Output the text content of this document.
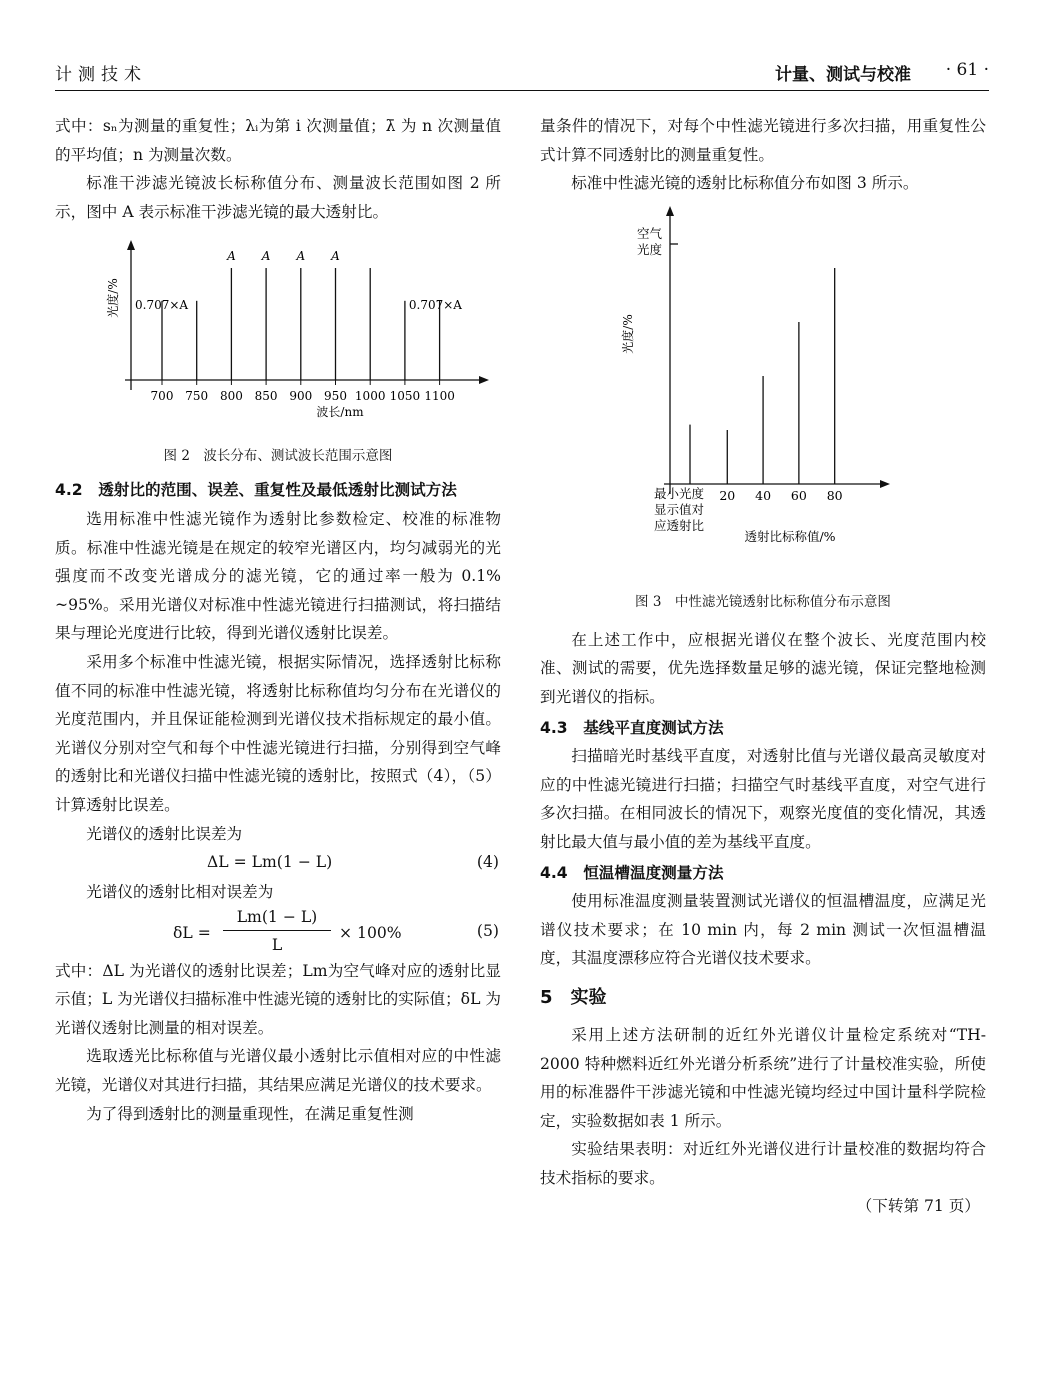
计测技术	计量、测试与校准 · 61 ·

式中：sₙ为测量的重复性；λᵢ为第 i 次测量值；λ̄ 为 n 次测量值的平均值；n 为测量次数。

标准干涉滤光镜波长标称值分布、测量波长范围如图 2 所示，图中 A 表示标准干涉滤光镜的最大透射比。

光度/%
波长/nm
700 750 800 850 900 950 1000 1050 1100
0.707×A
A A A A
0.707×A
图 2　波长分布、测试波长范围示意图
4.2　透射比的范围、误差、重复性及最低透射比测试方法

选用标准中性滤光镜作为透射比参数检定、校准的标准物质。标准中性滤光镜是在规定的较窄光谱区内，均匀减弱光的光强度而不改变光谱成分的滤光镜，它的通过率一般为 0.1% ~95%。采用光谱仪对标准中性滤光镜进行扫描测试，将扫描结果与理论光度进行比较，得到光谱仪透射比误差。

采用多个标准中性滤光镜，根据实际情况，选择透射比标称值不同的标准中性滤光镜，将透射比标称值均匀分布在光谱仪的光度范围内，并且保证能检测到光谱仪技术指标规定的最小值。光谱仪分别对空气和每个中性滤光镜进行扫描，分别得到空气峰的透射比和光谱仪扫描中性滤光镜的透射比，按照式（4），（5）计算透射比误差。

光谱仪的透射比误差为

ΔL = Lm(1 − L)	(4)

光谱仪的透射比相对误差为

δL =
Lm(1 − L)
L
× 100%	(5)

式中：ΔL 为光谱仪的透射比误差；Lm为空气峰对应的透射比显示值；L 为光谱仪扫描标准中性滤光镜的透射比的实际值；δL 为光谱仪透射比测量的相对误差。

选取透光比标称值与光谱仪最小透射比示值相对应的中性滤光镜，光谱仪对其进行扫描，其结果应满足光谱仪的技术要求。

为了得到透射比的测量重现性，在满足重复性测

量条件的情况下，对每个中性滤光镜进行多次扫描，用重复性公式计算不同透射比的测量重复性。

标准中性滤光镜的透射比标称值分布如图 3 所示。

空气
光度
光度/%
最小光度
显示值对
应透射比
20 40 60 80
透射比标称值/%
图 3　中性滤光镜透射比标称值分布示意图

在上述工作中，应根据光谱仪在整个波长、光度范围内校准、测试的需要，优先选择数量足够的滤光镜，保证完整地检测到光谱仪的指标。

4.3　基线平直度测试方法

扫描暗光时基线平直度，对透射比值与光谱仪最高灵敏度对应的中性滤光镜进行扫描；扫描空气时基线平直度，对空气进行多次扫描。在相同波长的情况下，观察光度值的变化情况，其透射比最大值与最小值的差为基线平直度。

4.4　恒温槽温度测量方法

使用标准温度测量装置测试光谱仪的恒温槽温度，应满足光谱仪技术要求；在 10 min 内，每 2 min 测试一次恒温槽温度，其温度漂移应符合光谱仪技术要求。

5　实验

采用上述方法研制的近红外光谱仪计量检定系统对“TH-2000 特种燃料近红外光谱分析系统”进行了计量校准实验，所使用的标准器件干涉滤光镜和中性滤光镜均经过中国计量科学院检定，实验数据如表 1 所示。

实验结果表明：对近红外光谱仪进行计量校准的数据均符合技术指标的要求。

（下转第 71 页）
